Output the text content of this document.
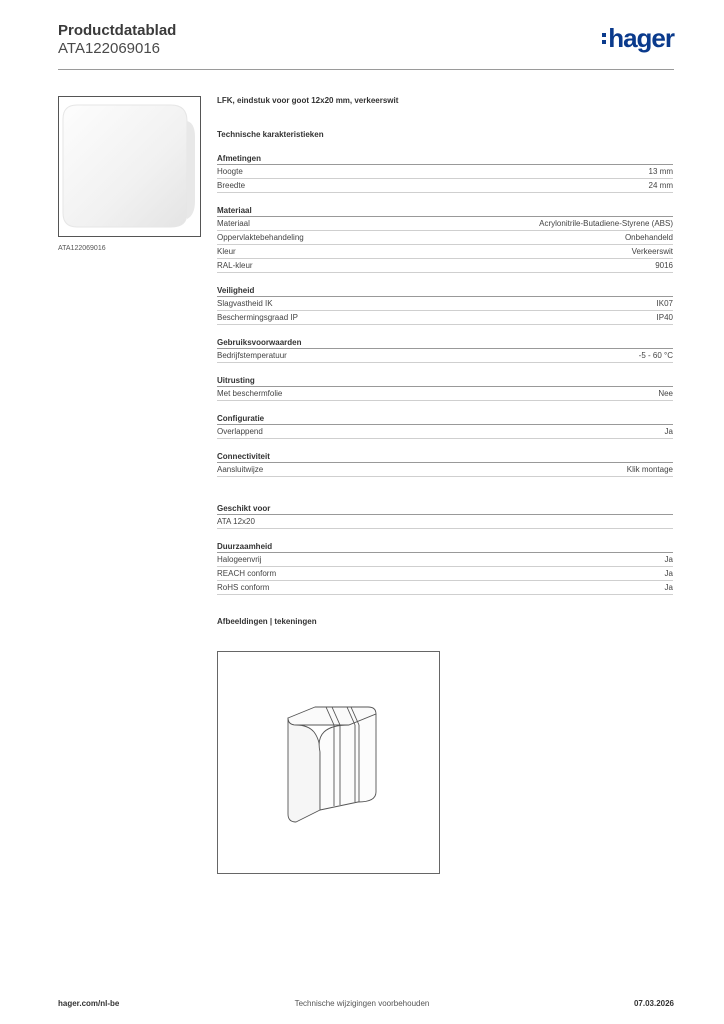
Productdatablad
ATA122069016	hager
ATA122069016
LFK, eindstuk voor goot 12x20 mm, verkeerswit
Technische karakteristieken
Afmetingen
Hoogte	13 mm
Breedte	24 mm
Materiaal
Materiaal	Acrylonitrile-Butadiene-Styrene (ABS)
Oppervlaktebehandeling	Onbehandeld
Kleur	Verkeerswit
RAL-kleur	9016
Veiligheid
Slagvastheid IK	IK07
Beschermingsgraad IP	IP40
Gebruiksvoorwaarden
Bedrijfstemperatuur	-5 - 60 °C
Uitrusting
Met beschermfolie	Nee
Configuratie
Overlappend	Ja
Connectiviteit
Aansluitwijze	Klik montage
Geschikt voor
ATA 12x20
Duurzaamheid
Halogeenvrij	Ja
REACH conform	Ja
RoHS conform	Ja
Afbeeldingen | tekeningen
Technische wijzigingen voorbehouden
hager.com/nl-be	07.03.2026
